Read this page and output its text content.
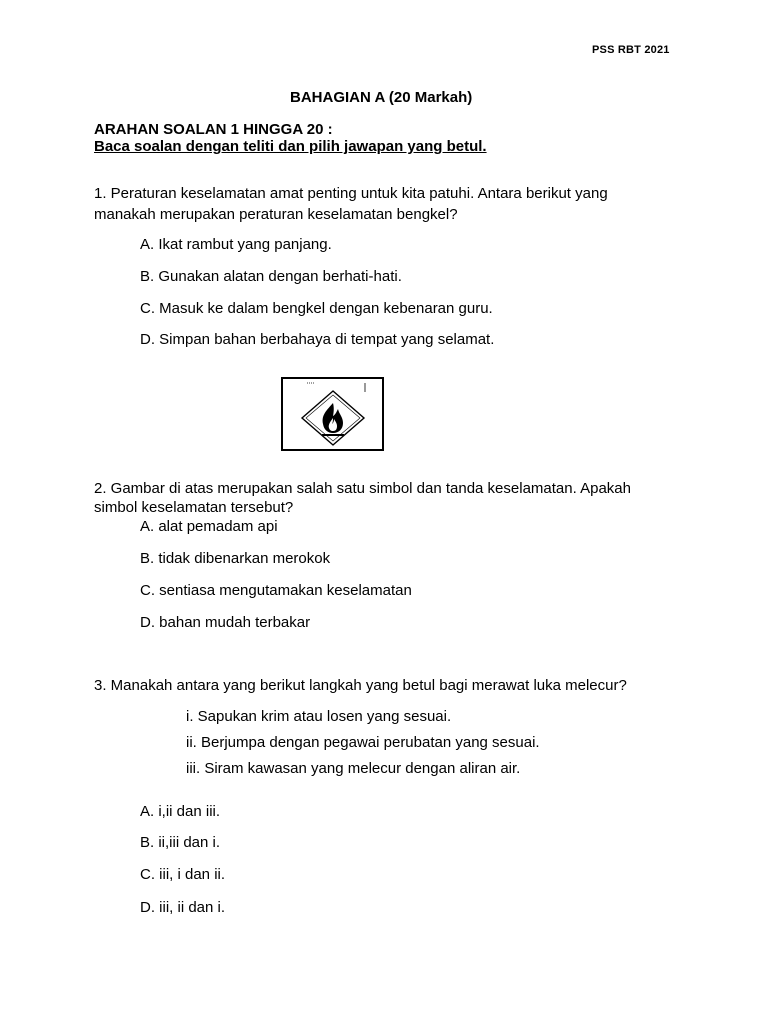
PSS RBT 2021
BAHAGIAN A (20 Markah)
ARAHAN SOALAN 1 HINGGA 20 :
Baca soalan dengan teliti dan pilih jawapan yang betul.
1. Peraturan keselamatan amat penting untuk kita patuhi. Antara berikut yang
manakah merupakan peraturan keselamatan bengkel?
A. Ikat rambut yang panjang.
B. Gunakan alatan dengan berhati-hati.
C. Masuk ke dalam bengkel dengan kebenaran guru.
D. Simpan bahan berbahaya di tempat yang selamat.
2. Gambar di atas merupakan salah satu simbol dan tanda keselamatan. Apakah
simbol keselamatan tersebut?
A. alat pemadam api
B. tidak dibenarkan merokok
C. sentiasa mengutamakan keselamatan
D. bahan mudah terbakar
3. Manakah antara yang berikut langkah yang betul bagi merawat luka melecur?
i. Sapukan krim atau losen yang sesuai.
ii. Berjumpa dengan pegawai perubatan yang sesuai.
iii. Siram kawasan yang melecur dengan aliran air.
A. i,ii dan iii.
B. ii,iii dan i.
C. iii, i dan ii.
D. iii, ii dan i.
